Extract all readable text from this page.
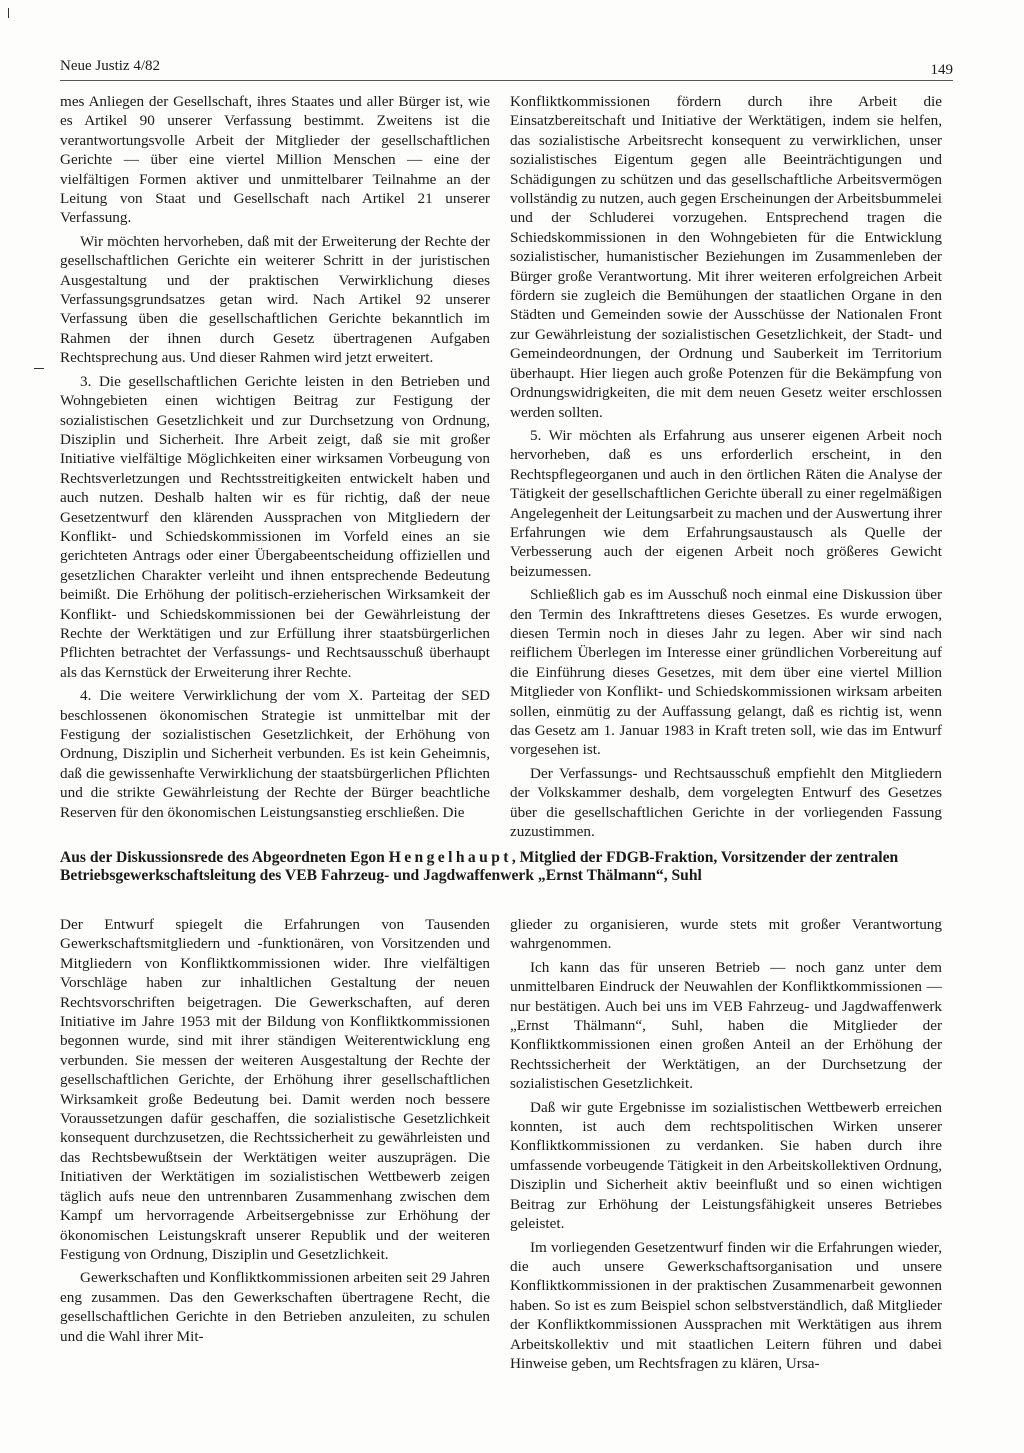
Neue Justiz 4/82	149

mes Anliegen der Gesellschaft, ihres Staates und aller Bürger ist, wie es Artikel 90 unserer Verfassung bestimmt. Zweitens ist die verantwortungsvolle Arbeit der Mitglieder der gesellschaftlichen Gerichte — über eine viertel Million Menschen — eine der vielfältigen Formen aktiver und unmittelbarer Teilnahme an der Leitung von Staat und Gesellschaft nach Artikel 21 unserer Verfassung.

Wir möchten hervorheben, daß mit der Erweiterung der Rechte der gesellschaftlichen Gerichte ein weiterer Schritt in der juristischen Ausgestaltung und der praktischen Verwirklichung dieses Verfassungsgrundsatzes getan wird. Nach Artikel 92 unserer Verfassung üben die gesellschaftlichen Gerichte bekanntlich im Rahmen der ihnen durch Gesetz übertragenen Aufgaben Rechtsprechung aus. Und dieser Rahmen wird jetzt erweitert.

3. Die gesellschaftlichen Gerichte leisten in den Betrieben und Wohngebieten einen wichtigen Beitrag zur Festigung der sozialistischen Gesetzlichkeit und zur Durchsetzung von Ordnung, Disziplin und Sicherheit. Ihre Arbeit zeigt, daß sie mit großer Initiative vielfältige Möglichkeiten einer wirksamen Vorbeugung von Rechtsverletzungen und Rechtsstreitigkeiten entwickelt haben und auch nutzen. Deshalb halten wir es für richtig, daß der neue Gesetzentwurf den klärenden Aussprachen von Mitgliedern der Konflikt- und Schiedskommissionen im Vorfeld eines an sie gerichteten Antrags oder einer Übergabeentscheidung offiziellen und gesetzlichen Charakter verleiht und ihnen entsprechende Bedeutung beimißt. Die Erhöhung der politisch-erzieherischen Wirksamkeit der Konflikt- und Schiedskommissionen bei der Gewährleistung der Rechte der Werktätigen und zur Erfüllung ihrer staatsbürgerlichen Pflichten betrachtet der Verfassungs- und Rechtsausschuß überhaupt als das Kernstück der Erweiterung ihrer Rechte.

4. Die weitere Verwirklichung der vom X. Parteitag der SED beschlossenen ökonomischen Strategie ist unmittelbar mit der Festigung der sozialistischen Gesetzlichkeit, der Erhöhung von Ordnung, Disziplin und Sicherheit verbunden. Es ist kein Geheimnis, daß die gewissenhafte Verwirklichung der staatsbürgerlichen Pflichten und die strikte Gewährleistung der Rechte der Bürger beachtliche Reserven für den ökonomischen Leistungsanstieg erschließen. Die

Konfliktkommissionen fördern durch ihre Arbeit die Einsatzbereitschaft und Initiative der Werktätigen, indem sie helfen, das sozialistische Arbeitsrecht konsequent zu verwirklichen, unser sozialistisches Eigentum gegen alle Beeinträchtigungen und Schädigungen zu schützen und das gesellschaftliche Arbeitsvermögen vollständig zu nutzen, auch gegen Erscheinungen der Arbeitsbummelei und der Schluderei vorzugehen. Entsprechend tragen die Schiedskommissionen in den Wohngebieten für die Entwicklung sozialistischer, humanistischer Beziehungen im Zusammenleben der Bürger große Verantwortung. Mit ihrer weiteren erfolgreichen Arbeit fördern sie zugleich die Bemühungen der staatlichen Organe in den Städten und Gemeinden sowie der Ausschüsse der Nationalen Front zur Gewährleistung der sozialistischen Gesetzlichkeit, der Stadt- und Gemeindeordnungen, der Ordnung und Sauberkeit im Territorium überhaupt. Hier liegen auch große Potenzen für die Bekämpfung von Ordnungswidrigkeiten, die mit dem neuen Gesetz weiter erschlossen werden sollten.

5. Wir möchten als Erfahrung aus unserer eigenen Arbeit noch hervorheben, daß es uns erforderlich erscheint, in den Rechtspflegeorganen und auch in den örtlichen Räten die Analyse der Tätigkeit der gesellschaftlichen Gerichte überall zu einer regelmäßigen Angelegenheit der Leitungsarbeit zu machen und der Auswertung ihrer Erfahrungen wie dem Erfahrungsaustausch als Quelle der Verbesserung auch der eigenen Arbeit noch größeres Gewicht beizumessen.

Schließlich gab es im Ausschuß noch einmal eine Diskussion über den Termin des Inkrafttretens dieses Gesetzes. Es wurde erwogen, diesen Termin noch in dieses Jahr zu legen. Aber wir sind nach reiflichem Überlegen im Interesse einer gründlichen Vorbereitung auf die Einführung dieses Gesetzes, mit dem über eine viertel Million Mitglieder von Konflikt- und Schiedskommissionen wirksam arbeiten sollen, einmütig zu der Auffassung gelangt, daß es richtig ist, wenn das Gesetz am 1. Januar 1983 in Kraft treten soll, wie das im Entwurf vorgesehen ist.

Der Verfassungs- und Rechtsausschuß empfiehlt den Mitgliedern der Volkskammer deshalb, dem vorgelegten Entwurf des Gesetzes über die gesellschaftlichen Gerichte in der vorliegenden Fassung zuzustimmen.

Aus der Diskussionsrede des Abgeordneten Egon Hengelhaupt, Mitglied der FDGB-Fraktion, Vorsitzender der zentralen Betriebsgewerkschaftsleitung des VEB Fahrzeug- und Jagdwaffenwerk „Ernst Thälmann“, Suhl

Der Entwurf spiegelt die Erfahrungen von Tausenden Gewerkschaftsmitgliedern und -funktionären, von Vorsitzenden und Mitgliedern von Konfliktkommissionen wider. Ihre vielfältigen Vorschläge haben zur inhaltlichen Gestaltung der neuen Rechtsvorschriften beigetragen. Die Gewerkschaften, auf deren Initiative im Jahre 1953 mit der Bildung von Konfliktkommissionen begonnen wurde, sind mit ihrer ständigen Weiterentwicklung eng verbunden. Sie messen der weiteren Ausgestaltung der Rechte der gesellschaftlichen Gerichte, der Erhöhung ihrer gesellschaftlichen Wirksamkeit große Bedeutung bei. Damit werden noch bessere Voraussetzungen dafür geschaffen, die sozialistische Gesetzlichkeit konsequent durchzusetzen, die Rechtssicherheit zu gewährleisten und das Rechtsbewußtsein der Werktätigen weiter auszuprägen. Die Initiativen der Werktätigen im sozialistischen Wettbewerb zeigen täglich aufs neue den untrennbaren Zusammenhang zwischen dem Kampf um hervorragende Arbeitsergebnisse zur Erhöhung der ökonomischen Leistungskraft unserer Republik und der weiteren Festigung von Ordnung, Disziplin und Gesetzlichkeit.

Gewerkschaften und Konfliktkommissionen arbeiten seit 29 Jahren eng zusammen. Das den Gewerkschaften übertragene Recht, die gesellschaftlichen Gerichte in den Betrieben anzuleiten, zu schulen und die Wahl ihrer Mit-

glieder zu organisieren, wurde stets mit großer Verantwortung wahrgenommen.

Ich kann das für unseren Betrieb — noch ganz unter dem unmittelbaren Eindruck der Neuwahlen der Konfliktkommissionen — nur bestätigen. Auch bei uns im VEB Fahrzeug- und Jagdwaffenwerk „Ernst Thälmann“, Suhl, haben die Mitglieder der Konfliktkommissionen einen großen Anteil an der Erhöhung der Rechtssicherheit der Werktätigen, an der Durchsetzung der sozialistischen Gesetzlichkeit.

Daß wir gute Ergebnisse im sozialistischen Wettbewerb erreichen konnten, ist auch dem rechtspolitischen Wirken unserer Konfliktkommissionen zu verdanken. Sie haben durch ihre umfassende vorbeugende Tätigkeit in den Arbeitskollektiven Ordnung, Disziplin und Sicherheit aktiv beeinflußt und so einen wichtigen Beitrag zur Erhöhung der Leistungsfähigkeit unseres Betriebes geleistet.

Im vorliegenden Gesetzentwurf finden wir die Erfahrungen wieder, die auch unsere Gewerkschaftsorganisation und unsere Konfliktkommissionen in der praktischen Zusammenarbeit gewonnen haben. So ist es zum Beispiel schon selbstverständlich, daß Mitglieder der Konfliktkommissionen Aussprachen mit Werktätigen aus ihrem Arbeitskollektiv und mit staatlichen Leitern führen und dabei Hinweise geben, um Rechtsfragen zu klären, Ursa-
